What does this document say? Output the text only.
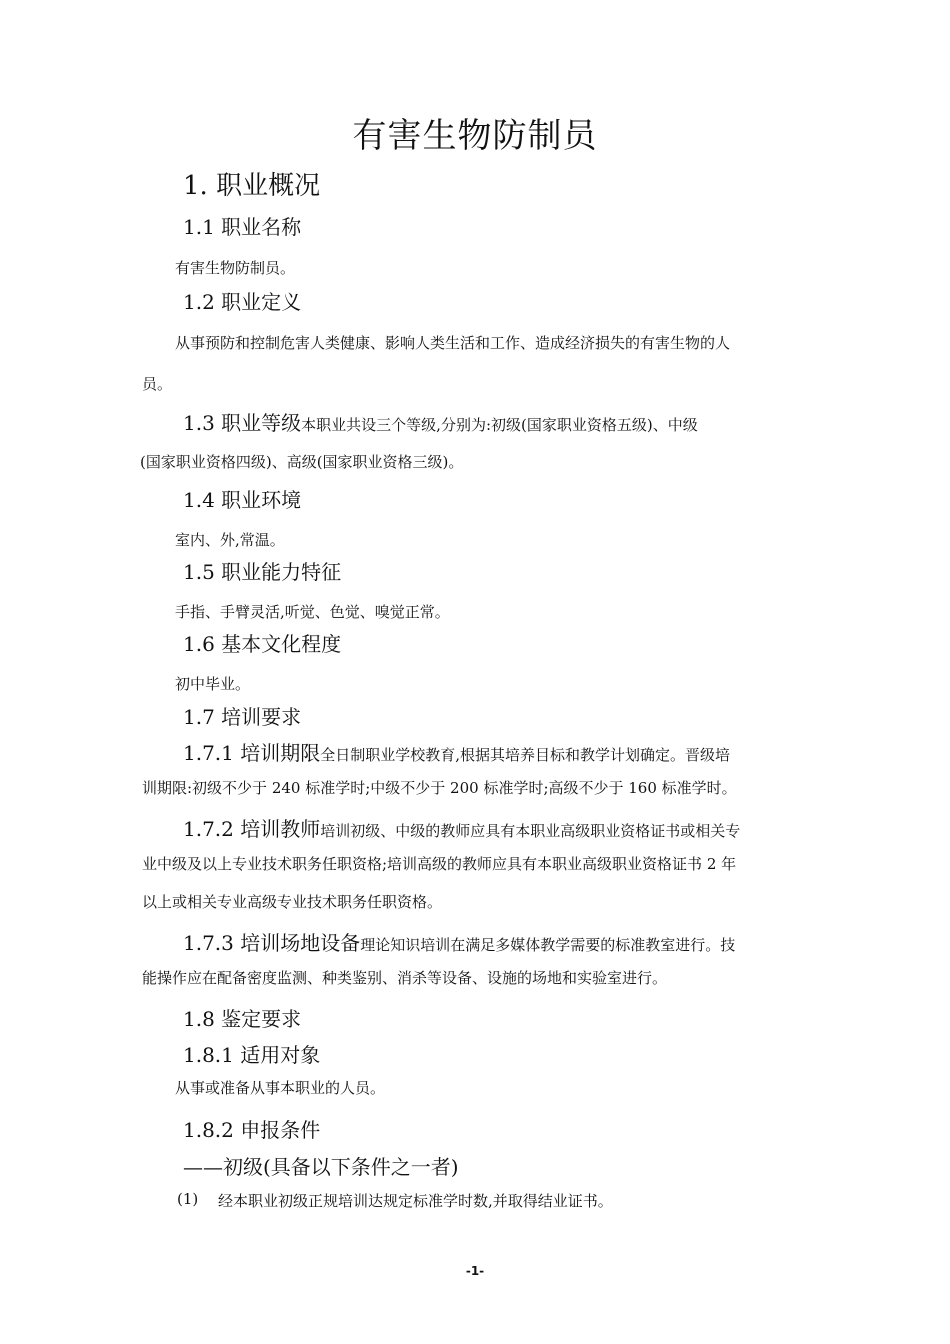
有害生物防制员
1. 职业概况
1.1 职业名称
有害生物防制员。
1.2 职业定义
从事预防和控制危害人类健康、影响人类生活和工作、造成经济损失的有害生物的人
员。
1.3 职业等级本职业共设三个等级,分别为:初级(国家职业资格五级)、中级
(国家职业资格四级)、高级(国家职业资格三级)。
1.4 职业环境
室内、外,常温。
1.5 职业能力特征
手指、手臂灵活,听觉、色觉、嗅觉正常。
1.6 基本文化程度
初中毕业。
1.7 培训要求
1.7.1 培训期限全日制职业学校教育,根据其培养目标和教学计划确定。晋级培
训期限:初级不少于 240 标准学时;中级不少于 200 标准学时;高级不少于 160 标准学时。
1.7.2 培训教师培训初级、中级的教师应具有本职业高级职业资格证书或相关专
业中级及以上专业技术职务任职资格;培训高级的教师应具有本职业高级职业资格证书 2 年
以上或相关专业高级专业技术职务任职资格。
1.7.3 培训场地设备理论知识培训在满足多媒体教学需要的标准教室进行。技
能操作应在配备密度监测、种类鉴别、消杀等设备、设施的场地和实验室进行。
1.8 鉴定要求
1.8.1 适用对象
从事或准备从事本职业的人员。
1.8.2 申报条件
——初级(具备以下条件之一者)
(1) 经本职业初级正规培训达规定标准学时数,并取得结业证书。
-1-
